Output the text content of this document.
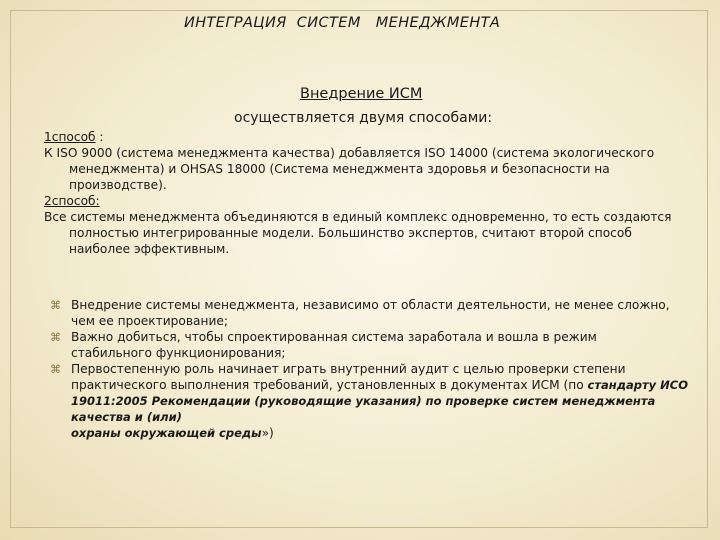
ИНТЕГРАЦИЯ  СИСТЕМ   МЕНЕДЖМЕНТА
Внедрение ИСМ
осуществляется двумя способами:

1способ :
К ISO 9000 (система менеджмента качества) добавляется ISO 14000 (система экологического
менеджмента) и OHSAS 18000 (Система менеджмента здоровья и безопасности на
производстве).

2способ:
Все системы менеджмента объединяются в единый комплекс одновременно, то есть создаются
полностью интегрированные модели. Большинство экспертов, считают второй способ
наиболее эффективным.

⌘ Внедрение системы менеджмента, независимо от области деятельности, не менее сложно,
чем ее проектирование;
⌘ Важно добиться, чтобы спроектированная система заработала и вошла в режим
стабильного функционирования;
⌘ Первостепенную роль начинает играть внутренний аудит с целью проверки степени
практического выполнения требований, установленных в документах ИСМ (по стандарту ИСО
19011:2005 Рекомендации (руководящие указания) по проверке систем менеджмента качества и (или)
охраны окружающей среды»)
